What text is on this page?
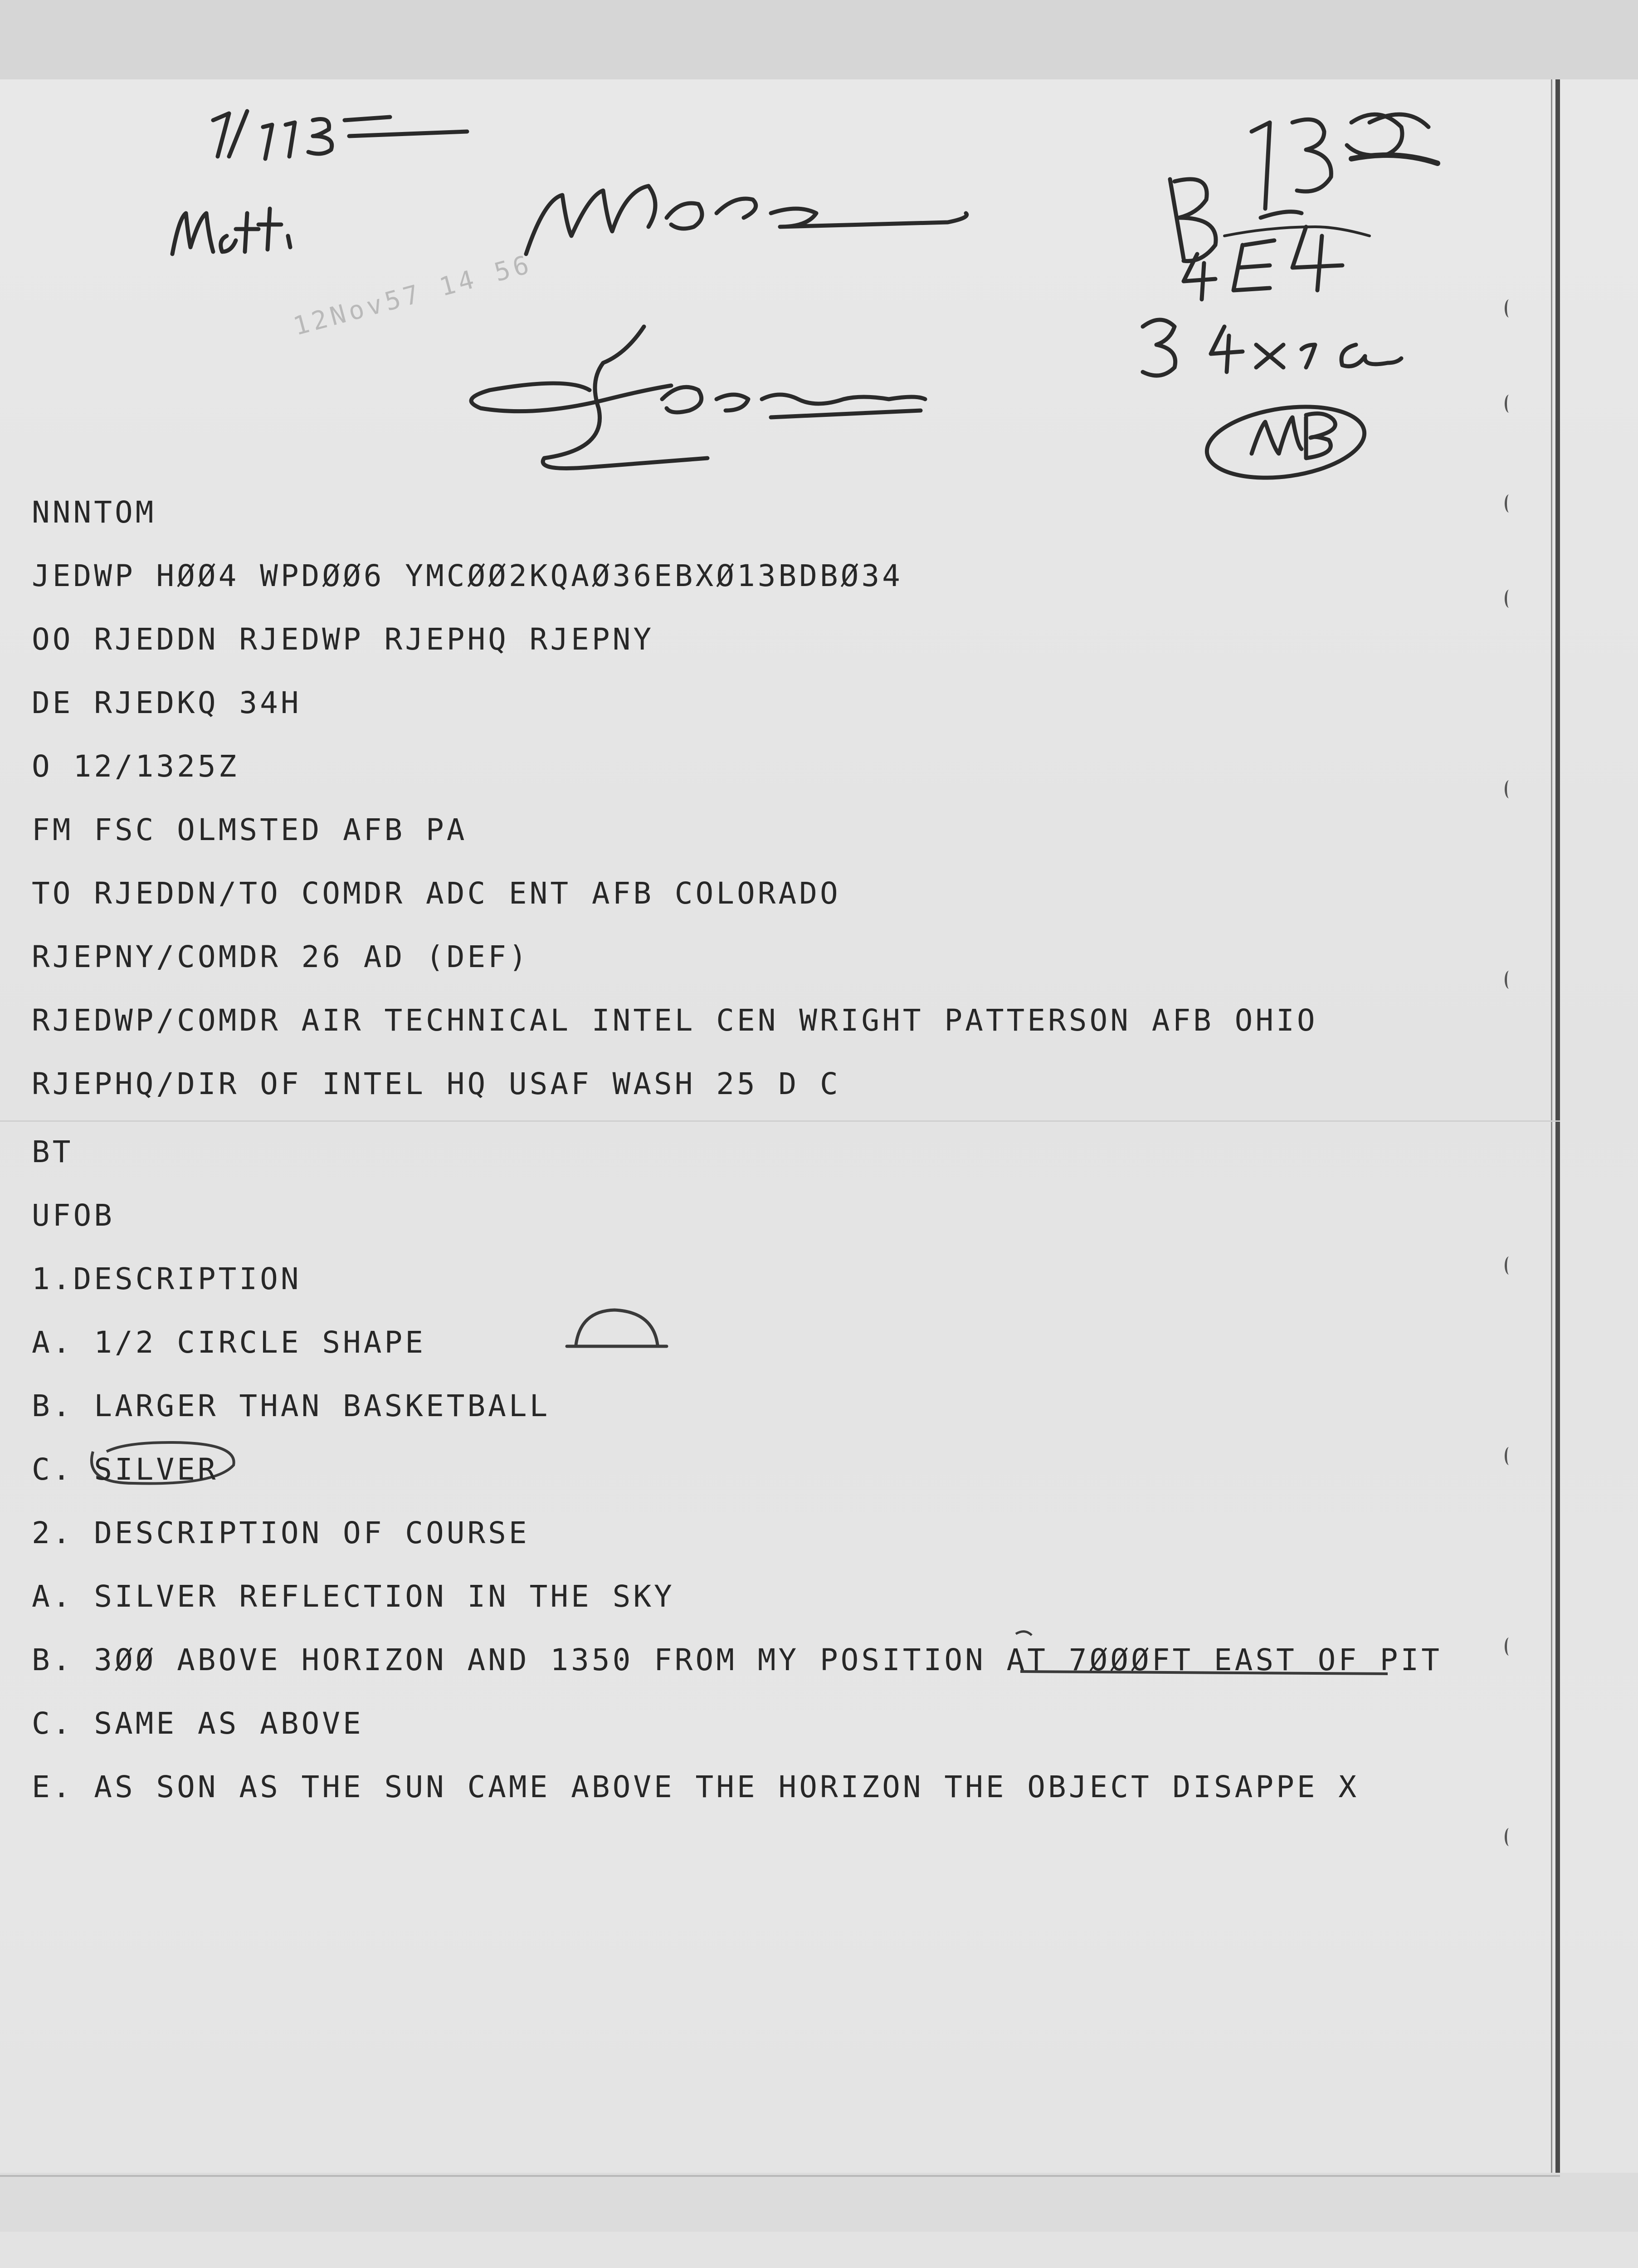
12Nov57 14 56

NNNTOM

JEDWP HØØ4 WPDØØ6 YMCØØ2KQAØ36EBXØ13BDBØ34

OO RJEDDN RJEDWP RJEPHQ RJEPNY

DE RJEDKQ 34H

O 12/1325Z

FM FSC OLMSTED AFB PA

TO RJEDDN/TO COMDR ADC ENT AFB COLORADO

RJEPNY/COMDR 26 AD (DEF)

RJEDWP/COMDR AIR TECHNICAL INTEL CEN WRIGHT PATTERSON AFB OHIO

RJEPHQ/DIR OF INTEL HQ USAF WASH 25 D C

BT

UFOB

1.DESCRIPTION

A. 1/2 CIRCLE SHAPE

B. LARGER THAN BASKETBALL

C. SILVER

2. DESCRIPTION OF COURSE

A. SILVER REFLECTION IN THE SKY

B. 3ØØ ABOVE HORIZON AND 1350 FROM MY POSITION AT 7ØØØFT EAST OF PIT

C. SAME AS ABOVE

E. AS SON AS THE SUN CAME ABOVE THE HORIZON THE OBJECT DISAPPE X
